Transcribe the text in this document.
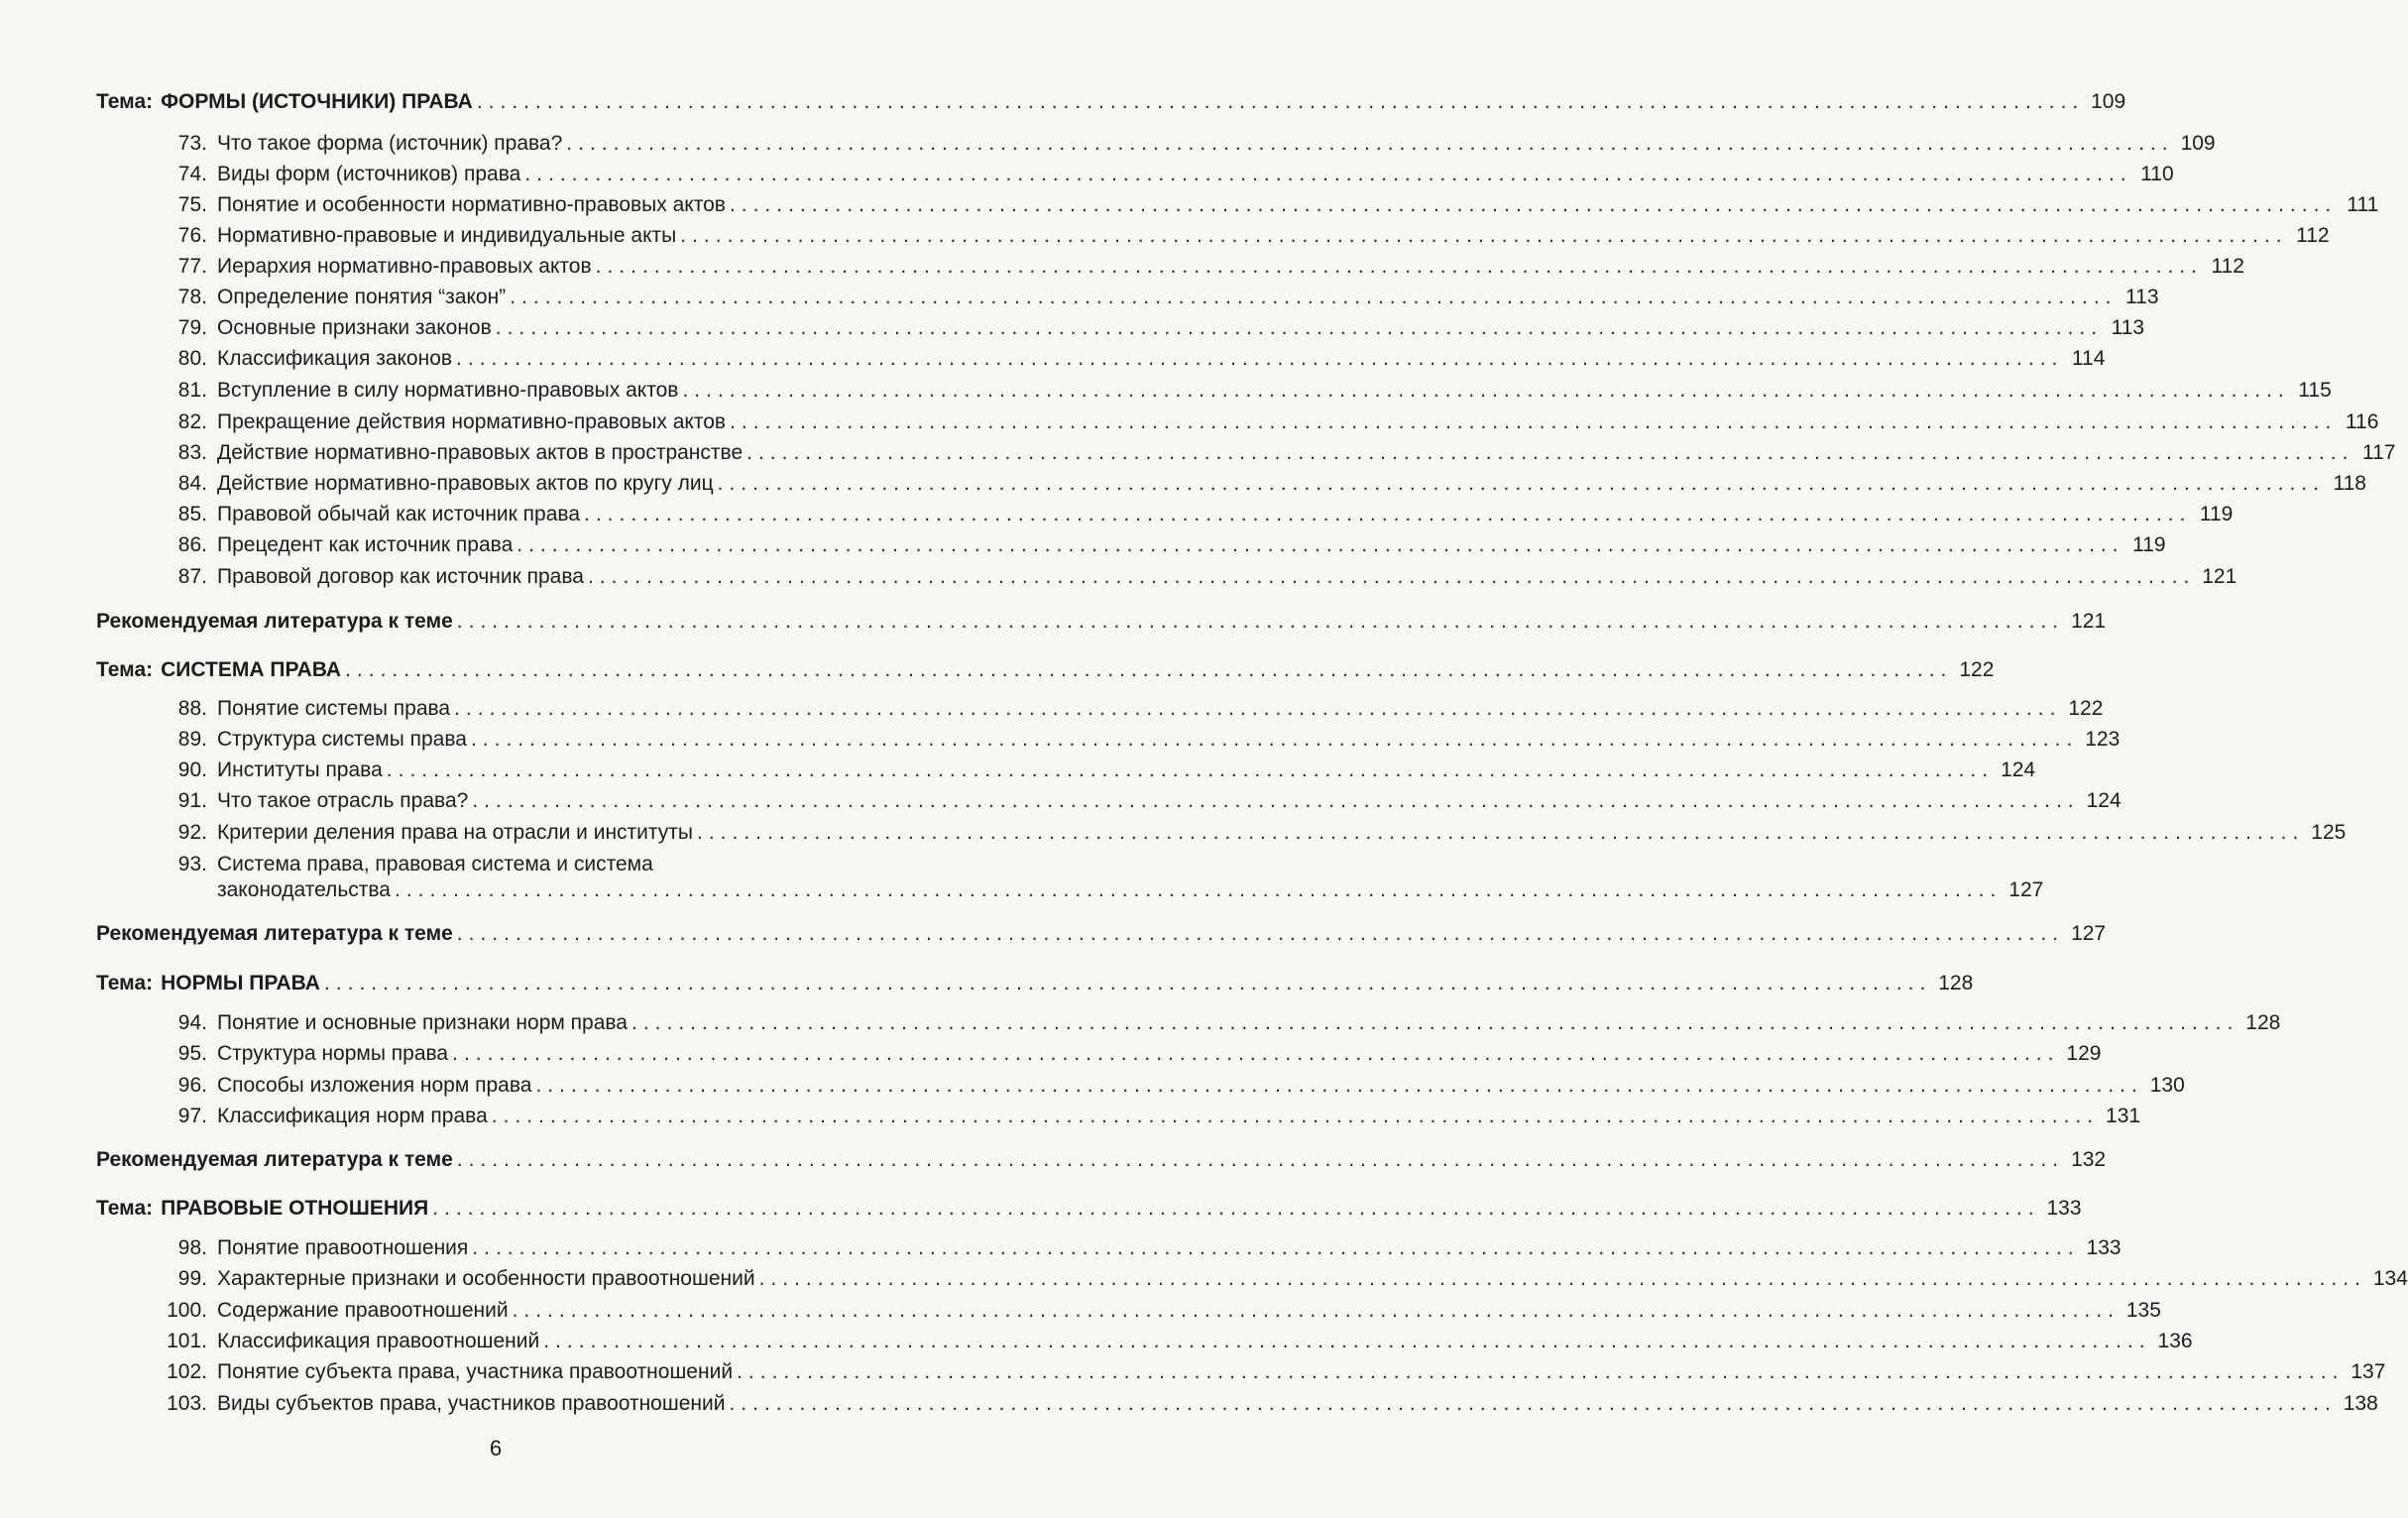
Тема: ФОРМЫ (ИСТОЧНИКИ) ПРАВА ......................................................................................................................................... 109
73. Что такое форма (источник) права? ......................................................................................................................................... 109
74. Виды форм (источников) права ......................................................................................................................................... 110
75. Понятие и особенности нормативно-правовых актов ......................................................................................................................................... 111
76. Нормативно-правовые и индивидуальные акты ......................................................................................................................................... 112
77. Иерархия нормативно-правовых актов ......................................................................................................................................... 112
78. Определение понятия “закон” ......................................................................................................................................... 113
79. Основные признаки законов ......................................................................................................................................... 113
80. Классификация законов ......................................................................................................................................... 114
81. Вступление в силу нормативно-правовых актов ......................................................................................................................................... 115
82. Прекращение действия нормативно-правовых актов ......................................................................................................................................... 116
83. Действие нормативно-правовых актов в пространстве ......................................................................................................................................... 117
84. Действие нормативно-правовых актов по кругу лиц ......................................................................................................................................... 118
85. Правовой обычай как источник права ......................................................................................................................................... 119
86. Прецедент как источник права ......................................................................................................................................... 119
87. Правовой договор как источник права ......................................................................................................................................... 121
Рекомендуемая литература к теме ......................................................................................................................................... 121
Тема: СИСТЕМА ПРАВА ......................................................................................................................................... 122
88. Понятие системы права ......................................................................................................................................... 122
89. Структура системы права ......................................................................................................................................... 123
90. Институты права ......................................................................................................................................... 124
91. Что такое отрасль права? ......................................................................................................................................... 124
92. Критерии деления права на отрасли и институты ......................................................................................................................................... 125
93. Система права, правовая система и система
законодательства ......................................................................................................................................... 127
Рекомендуемая литература к теме ......................................................................................................................................... 127
Тема: НОРМЫ ПРАВА ......................................................................................................................................... 128
94. Понятие и основные признаки норм права ......................................................................................................................................... 128
95. Структура нормы права ......................................................................................................................................... 129
96. Способы изложения норм права ......................................................................................................................................... 130
97. Классификация норм права ......................................................................................................................................... 131
Рекомендуемая литература к теме ......................................................................................................................................... 132
Тема: ПРАВОВЫЕ ОТНОШЕНИЯ ......................................................................................................................................... 133
98. Понятие правоотношения ......................................................................................................................................... 133
99. Характерные признаки и особенности правоотношений ......................................................................................................................................... 134
100. Содержание правоотношений ......................................................................................................................................... 135
101. Классификация правоотношений ......................................................................................................................................... 136
102. Понятие субъекта права, участника правоотношений ......................................................................................................................................... 137
103. Виды субъектов права, участников правоотношений ......................................................................................................................................... 138
6
